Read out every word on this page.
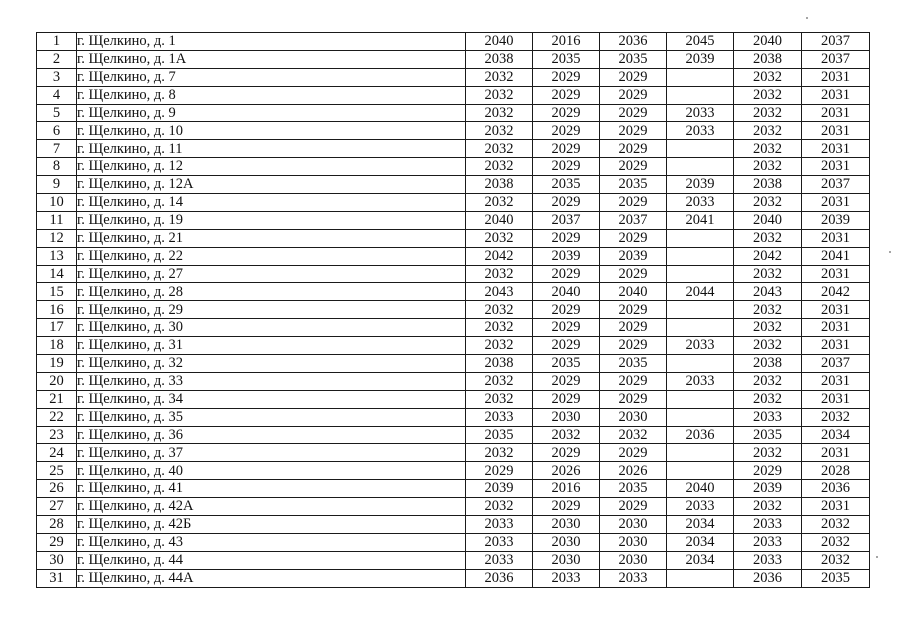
1	г. Щелкино, д. 1	2040	2016	2036	2045	2040	2037
2	г. Щелкино, д. 1А	2038	2035	2035	2039	2038	2037
3	г. Щелкино, д. 7	2032	2029	2029		2032	2031
4	г. Щелкино, д. 8	2032	2029	2029		2032	2031
5	г. Щелкино, д. 9	2032	2029	2029	2033	2032	2031
6	г. Щелкино, д. 10	2032	2029	2029	2033	2032	2031
7	г. Щелкино, д. 11	2032	2029	2029		2032	2031
8	г. Щелкино, д. 12	2032	2029	2029		2032	2031
9	г. Щелкино, д. 12А	2038	2035	2035	2039	2038	2037
10	г. Щелкино, д. 14	2032	2029	2029	2033	2032	2031
11	г. Щелкино, д. 19	2040	2037	2037	2041	2040	2039
12	г. Щелкино, д. 21	2032	2029	2029		2032	2031
13	г. Щелкино, д. 22	2042	2039	2039		2042	2041
14	г. Щелкино, д. 27	2032	2029	2029		2032	2031
15	г. Щелкино, д. 28	2043	2040	2040	2044	2043	2042
16	г. Щелкино, д. 29	2032	2029	2029		2032	2031
17	г. Щелкино, д. 30	2032	2029	2029		2032	2031
18	г. Щелкино, д. 31	2032	2029	2029	2033	2032	2031
19	г. Щелкино, д. 32	2038	2035	2035		2038	2037
20	г. Щелкино, д. 33	2032	2029	2029	2033	2032	2031
21	г. Щелкино, д. 34	2032	2029	2029		2032	2031
22	г. Щелкино, д. 35	2033	2030	2030		2033	2032
23	г. Щелкино, д. 36	2035	2032	2032	2036	2035	2034
24	г. Щелкино, д. 37	2032	2029	2029		2032	2031
25	г. Щелкино, д. 40	2029	2026	2026		2029	2028
26	г. Щелкино, д. 41	2039	2016	2035	2040	2039	2036
27	г. Щелкино, д. 42А	2032	2029	2029	2033	2032	2031
28	г. Щелкино, д. 42Б	2033	2030	2030	2034	2033	2032
29	г. Щелкино, д. 43	2033	2030	2030	2034	2033	2032
30	г. Щелкино, д. 44	2033	2030	2030	2034	2033	2032
31	г. Щелкино, д. 44А	2036	2033	2033		2036	2035
